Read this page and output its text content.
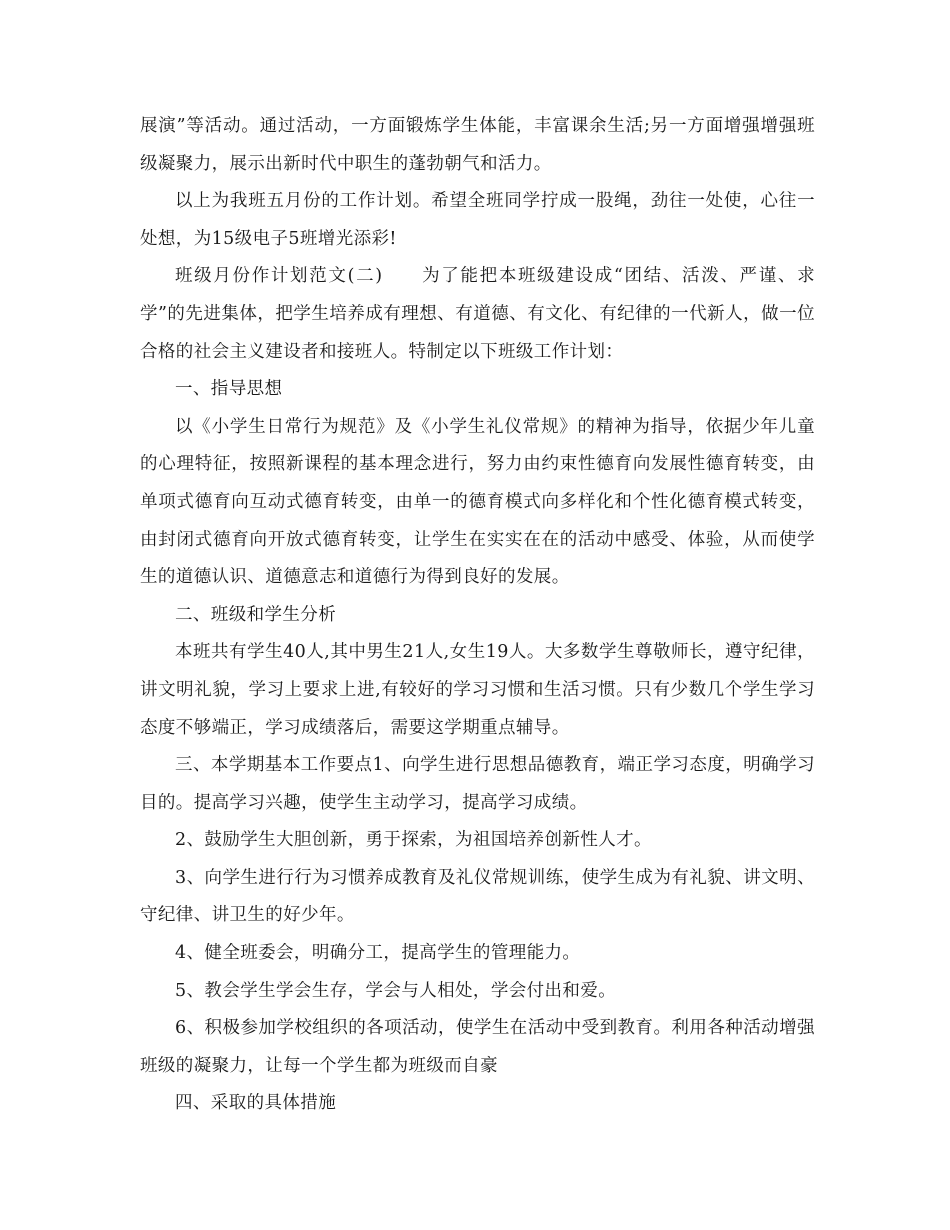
展演”等活动。通过活动，一方面锻炼学生体能，丰富课余生活;另一方面增强增强班级凝聚力，展示出新时代中职生的蓬勃朝气和活力。

以上为我班五月份的工作计划。希望全班同学拧成一股绳，劲往一处使，心往一处想，为15级电子5班增光添彩!

班级月份作计划范文(二)　　为了能把本班级建设成“团结、活泼、严谨、求学”的先进集体，把学生培养成有理想、有道德、有文化、有纪律的一代新人，做一位合格的社会主义建设者和接班人。特制定以下班级工作计划：

一、指导思想

以《小学生日常行为规范》及《小学生礼仪常规》的精神为指导，依据少年儿童的心理特征，按照新课程的基本理念进行，努力由约束性德育向发展性德育转变，由单项式德育向互动式德育转变，由单一的德育模式向多样化和个性化德育模式转变，由封闭式德育向开放式德育转变，让学生在实实在在的活动中感受、体验，从而使学生的道德认识、道德意志和道德行为得到良好的发展。

二、班级和学生分析

本班共有学生40人,其中男生21人,女生19人。大多数学生尊敬师长，遵守纪律，讲文明礼貌，学习上要求上进,有较好的学习习惯和生活习惯。只有少数几个学生学习态度不够端正，学习成绩落后，需要这学期重点辅导。

三、本学期基本工作要点1、向学生进行思想品德教育，端正学习态度，明确学习目的。提高学习兴趣，使学生主动学习，提高学习成绩。

2、鼓励学生大胆创新，勇于探索，为祖国培养创新性人才。

3、向学生进行行为习惯养成教育及礼仪常规训练，使学生成为有礼貌、讲文明、守纪律、讲卫生的好少年。

4、健全班委会，明确分工，提高学生的管理能力。

5、教会学生学会生存，学会与人相处，学会付出和爱。

6、积极参加学校组织的各项活动，使学生在活动中受到教育。利用各种活动增强班级的凝聚力，让每一个学生都为班级而自豪

四、采取的具体措施
